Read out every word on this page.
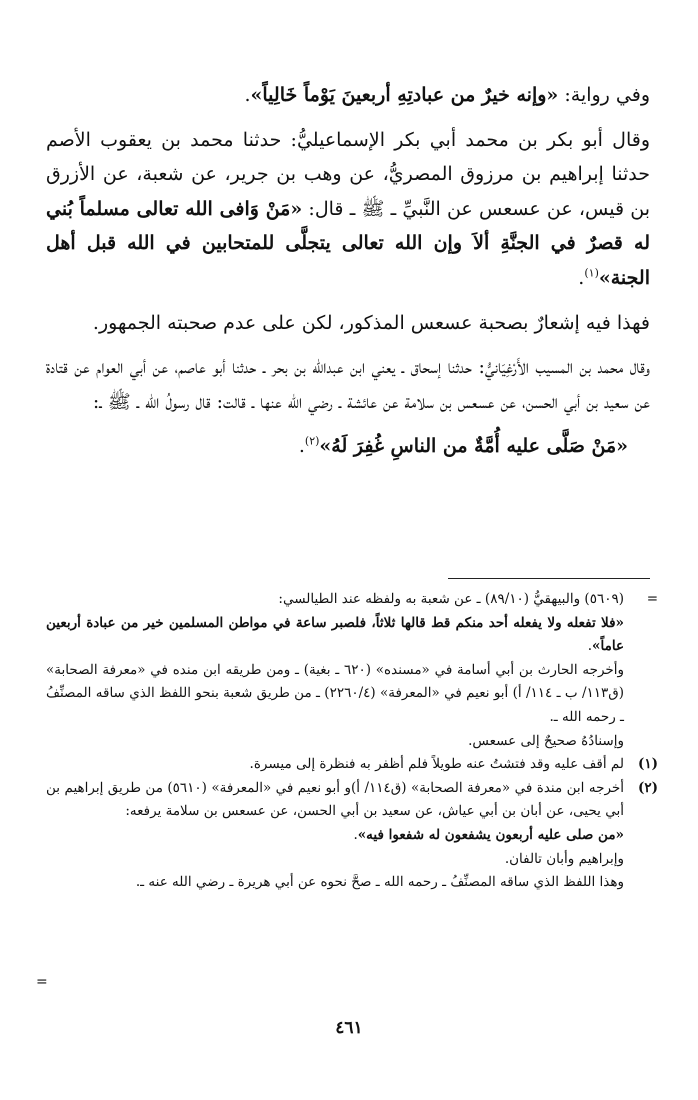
وفي رواية: «وإنه خيرٌ من عبادتِهِ أربعينَ يَوْماً خَالِياً».

وقال أبو بكر بن محمد أبي بكر الإسماعيليُّ: حدثنا محمد بن يعقوب الأصم حدثنا إبراهيم بن مرزوق المصريُّ، عن وهب بن جرير، عن شعبة، عن الأزرق بن قيس، عن عسعس عن النَّبيِّ ـ ﷺ ـ قال: «مَنْ وَافى الله تعالى مسلماً بُني له قصرٌ في الجنَّةِ ألاَ وإن الله تعالى يتجلَّى للمتحابين في الله قبل أهل الجنة»$^{(١)}$.

فهذا فيه إشعارٌ بصحبة عسعس المذكور، لكن على عدم صحبته الجمهور.

وقال محمد بن المسيب الأَرْغِيَانيُّ: حدثنا إسحاق ـ يعني ابن عبدالله بن بحر ـ حدثنا أبو عاصم، عن أبي العوام عن قتادة عن سعيد بن أبي الحسن، عن عسعس بن سلامة عن عائشة ـ رضي الله عنها ـ قالت: قال رسولُ الله ـ ﷺ ـ:

«مَنْ صَلَّى عليه أُمَّةٌ من الناسِ غُفِرَ لَهُ»$^{(٢)}$.

=
(٥٦٠٩) والبيهقيُّ (٨٩/١٠) ـ عن شعبة به ولفظه عند الطيالسي:
«فلا تفعله ولا يفعله أحد منكم قط قالها ثلاثاً، فلصبر ساعة في مواطن المسلمين خير من عبادة أربعين عاماً».
وأخرجه الحارث بن أبي أسامة في «مسنده» (٦٢٠ ـ بغية) ـ ومن طريقه ابن منده في «معرفة الصحابة» (ق١١٣/ ب ـ ١١٤/ أ) أبو نعيم في «المعرفة» (٢٢٦٠/٤) ـ من طريق شعبة بنحو اللفظ الذي ساقه المصنِّفُ ـ رحمه الله ـ.
وإسنادُهُ صحيحٌ إلى عسعس.
(١)
لم أقف عليه وقد فتشتُ عنه طويلاً فلم أظفر به فنظرة إلى ميسرة.
(٢)
أخرجه ابن مندة في «معرفة الصحابة» (ق١١٤/ أ)و أبو نعيم في «المعرفة» (٥٦١٠) من طريق إبراهيم بن أبي يحيى، عن أبان بن أبي عياش، عن سعيد بن أبي الحسن، عن عسعس بن سلامة يرفعه:
«من صلى عليه أربعون يشفعون له شفعوا فيه».
وإبراهيم وأبان تالفان.
وهذا اللفظ الذي ساقه المصنِّفُ ـ رحمه الله ـ صحَّ نحوه عن أبي هريرة ـ رضي الله عنه ـ.
=
٤٦١
